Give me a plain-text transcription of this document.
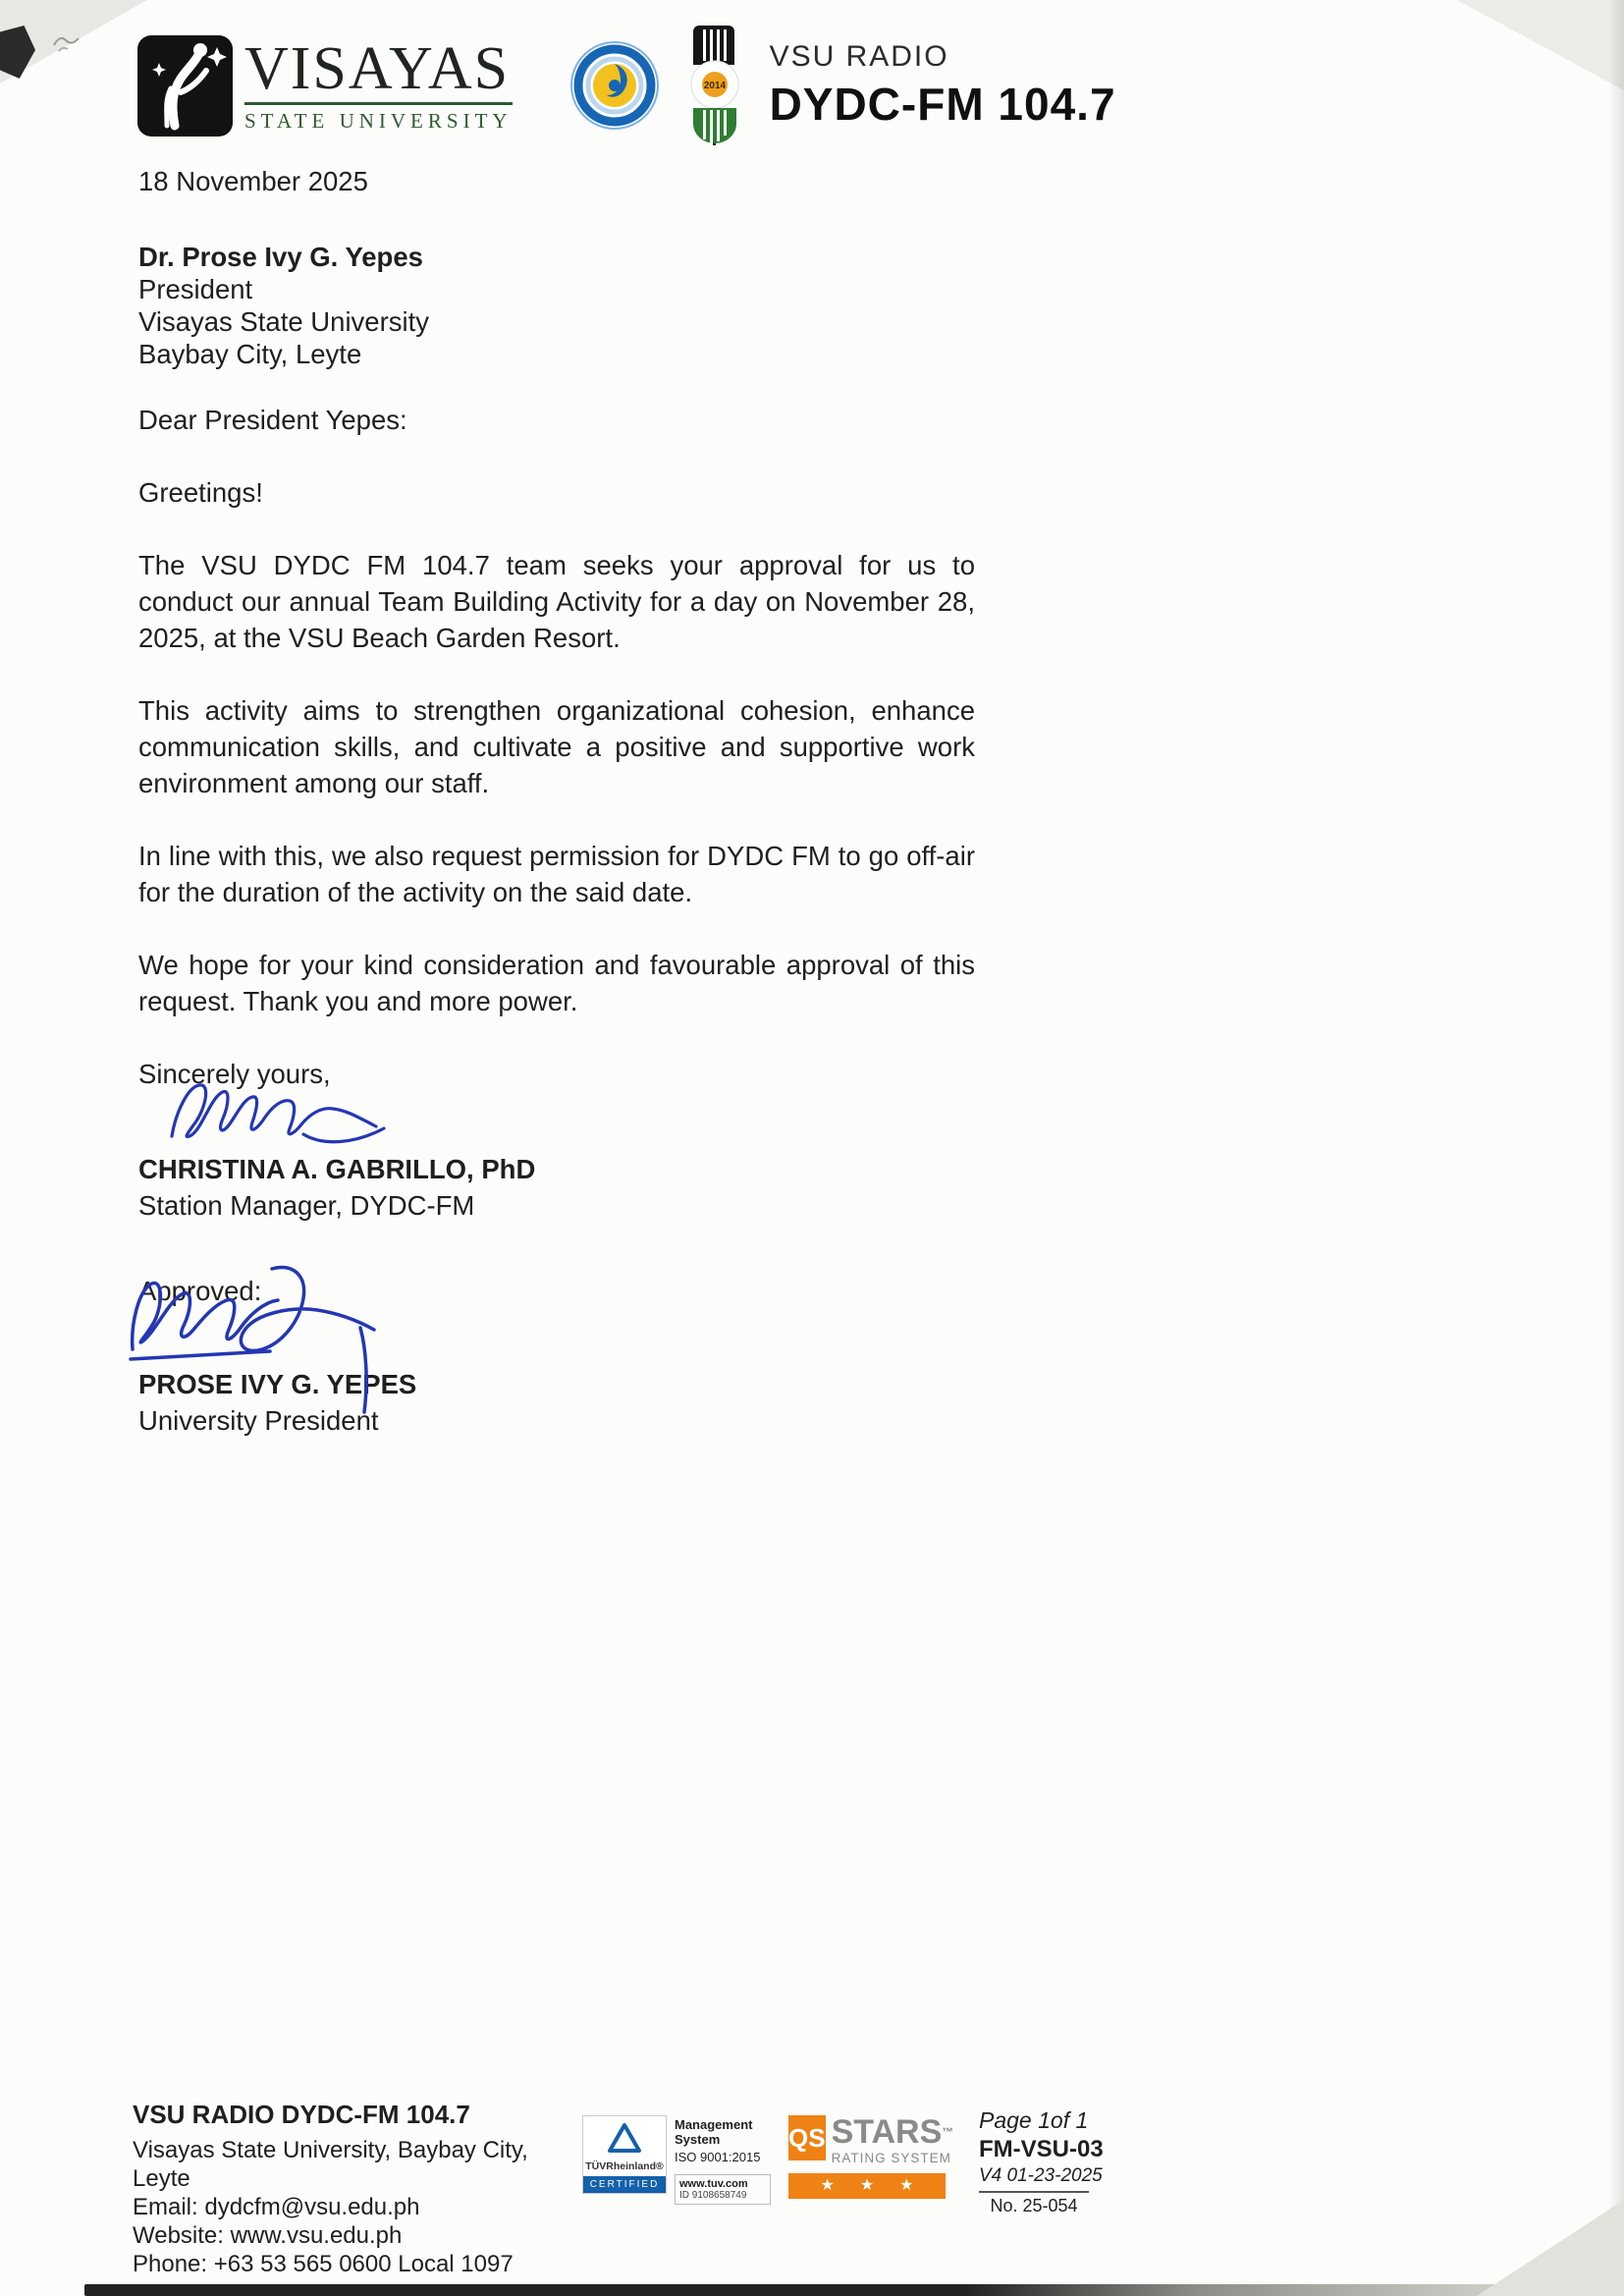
VISAYAS
STATE UNIVERSITY
2014
VSU RADIO
DYDC-FM 104.7
18 November 2025
Dr. Prose Ivy G. Yepes
President
Visayas State University
Baybay City, Leyte
Dear President Yepes:
Greetings!

The VSU DYDC FM 104.7 team seeks your approval for us to conduct our annual Team Building Activity for a day on November 28, 2025, at the VSU Beach Garden Resort.

This activity aims to strengthen organizational cohesion, enhance communication skills, and cultivate a positive and supportive work environment among our staff.

In line with this, we also request permission for DYDC FM to go off-air for the duration of the activity on the said date.

We hope for your kind consideration and favourable approval of this request. Thank you and more power.

Sincerely yours,
CHRISTINA A. GABRILLO, PhD
Station Manager, DYDC-FM
Approved:
PROSE IVY G. YEPES
University President
VSU RADIO DYDC-FM 104.7
Visayas State University, Baybay City, Leyte
Email: dydcfm@vsu.edu.ph
Website: www.vsu.edu.ph
Phone: +63 53 565 0600 Local 1097
TÜVRheinland®
CERTIFIED
Management
System
ISO 9001:2015
www.tuv.com
ID 9108658749
QS STARS™
RATING SYSTEM
★ ★ ★
Page 1of 1
FM-VSU-03
V4 01-23-2025
No. 25-054
